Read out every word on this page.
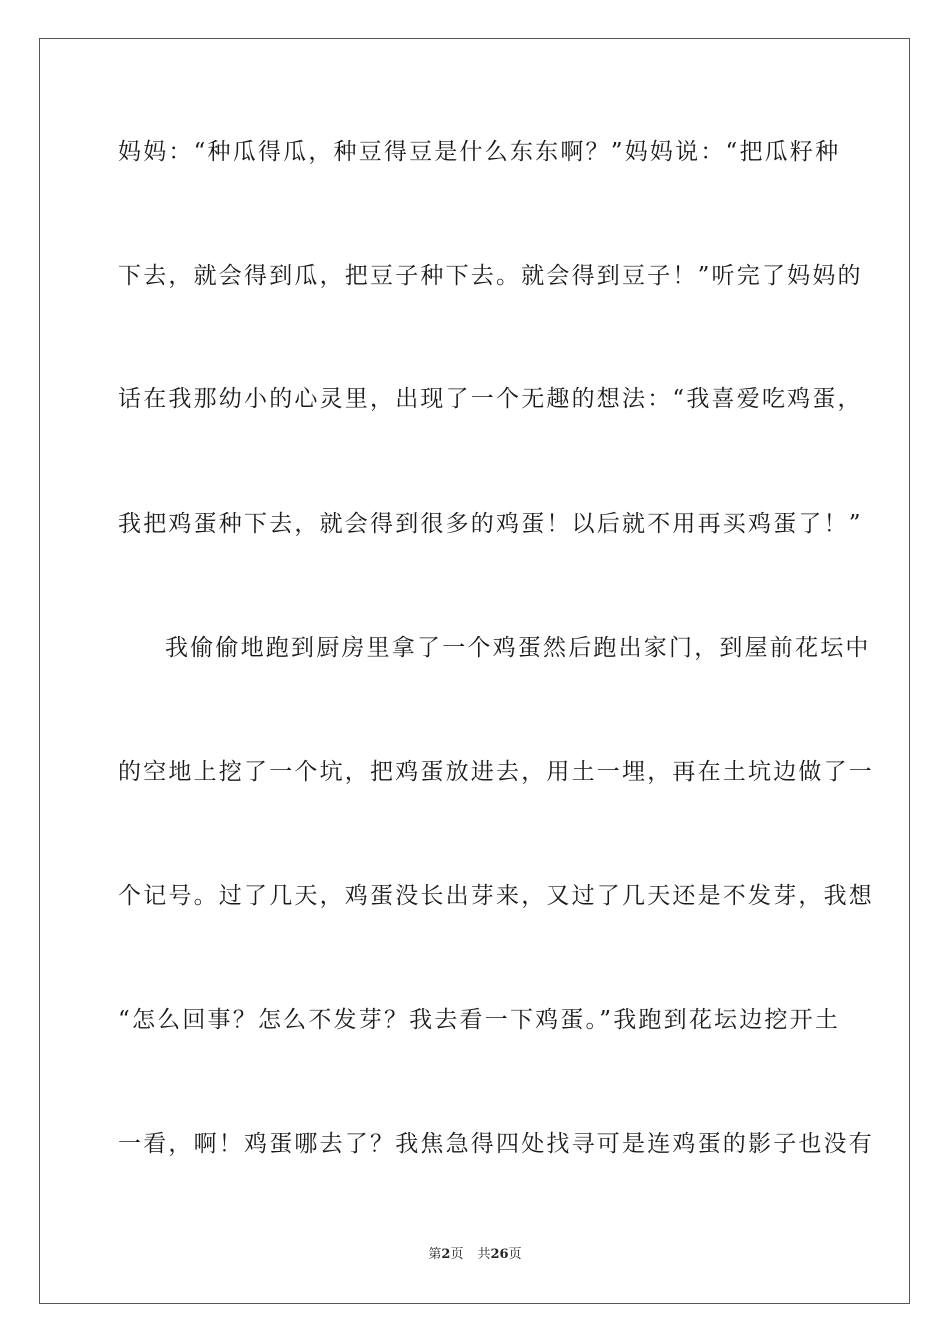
妈妈：“种瓜得瓜，种豆得豆是什么东东啊？”妈妈说：“把瓜籽种
下去，就会得到瓜，把豆子种下去。就会得到豆子！”听完了妈妈的
话在我那幼小的心灵里，出现了一个无趣的想法：“我喜爱吃鸡蛋，
我把鸡蛋种下去，就会得到很多的鸡蛋！以后就不用再买鸡蛋了！”
我偷偷地跑到厨房里拿了一个鸡蛋然后跑出家门，到屋前花坛中
的空地上挖了一个坑，把鸡蛋放进去，用土一埋，再在土坑边做了一
个记号。过了几天，鸡蛋没长出芽来，又过了几天还是不发芽，我想
“怎么回事？怎么不发芽？我去看一下鸡蛋。”我跑到花坛边挖开土
一看，啊！鸡蛋哪去了？我焦急得四处找寻可是连鸡蛋的影子也没有
第2页 共26页
